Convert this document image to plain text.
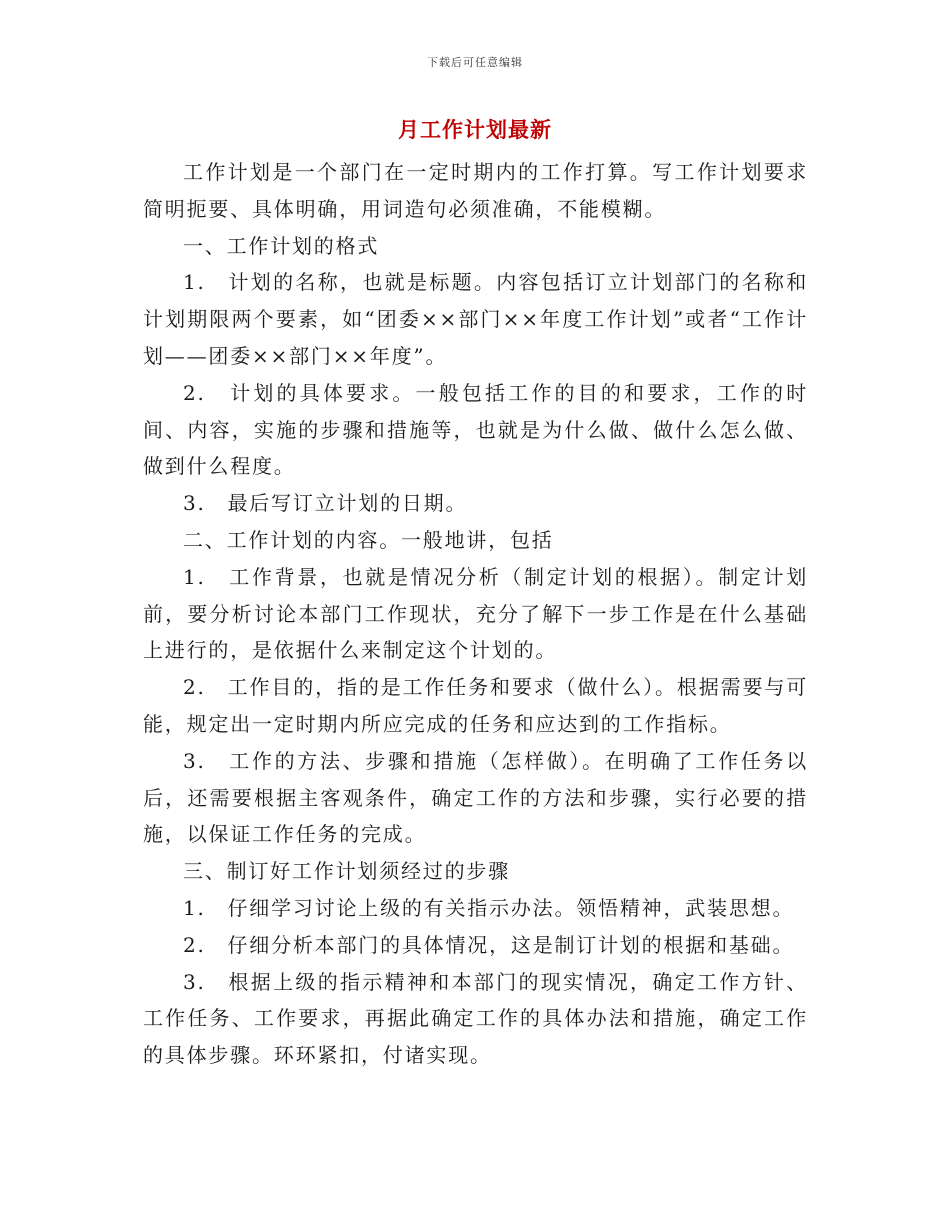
下载后可任意编辑
月工作计划最新

工作计划是一个部门在一定时期内的工作打算。写工作计划要求简明扼要、具体明确，用词造句必须准确，不能模糊。

一、工作计划的格式

1.　计划的名称，也就是标题。内容包括订立计划部门的名称和计划期限两个要素，如“团委××部门××年度工作计划”或者“工作计划——团委××部门××年度”。

2.　计划的具体要求。一般包括工作的目的和要求，工作的时间、内容，实施的步骤和措施等，也就是为什么做、做什么怎么做、做到什么程度。

3.　最后写订立计划的日期。

二、工作计划的内容。一般地讲，包括

1.　工作背景，也就是情况分析（制定计划的根据）。制定计划前，要分析讨论本部门工作现状，充分了解下一步工作是在什么基础上进行的，是依据什么来制定这个计划的。

2.　工作目的，指的是工作任务和要求（做什么）。根据需要与可能，规定出一定时期内所应完成的任务和应达到的工作指标。

3.　工作的方法、步骤和措施（怎样做）。在明确了工作任务以后，还需要根据主客观条件，确定工作的方法和步骤，实行必要的措施，以保证工作任务的完成。

三、制订好工作计划须经过的步骤

1.　仔细学习讨论上级的有关指示办法。领悟精神，武装思想。

2.　仔细分析本部门的具体情况，这是制订计划的根据和基础。

3.　根据上级的指示精神和本部门的现实情况，确定工作方针、工作任务、工作要求，再据此确定工作的具体办法和措施，确定工作的具体步骤。环环紧扣，付诸实现。
